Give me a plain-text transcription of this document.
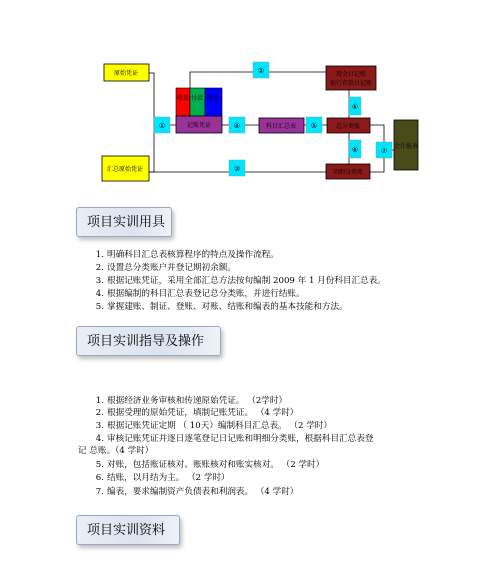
原始凭证
汇总原始凭证
收款 付款 转账
记账凭证	科目汇总表
现金日记账
银行存款日记账
总分类账
明细分类账
会计报表
①
②
③
④	⑤
⑥
⑦
⑥
项目实训用具
1. 明确科目汇总表核算程序的特点及操作流程。
2. 设置总分类账户并登记期初余额。
3. 根据记账凭证，采用全部汇总方法按旬编制 2009 年 1 月份科目汇总表。
4. 根据编制的科目汇总表登记总分类账，并进行结账。
5. 掌握建账、制证、登账、对账、结账和编表的基本技能和方法。
项目实训指导及操作
1. 根据经济业务审核和传递原始凭证。 （2学时）
2. 根据受理的原始凭证，填制记账凭证。 （4 学时）
3. 根据记账凭证定期 （ 10天）编制科目汇总表。 （2 学时）
4. 审核记账凭证并逐日逐笔登记日记账和明细分类账，根据科目汇总表登
记 总账。（4 学时）
5. 对账，包括账证核对、账账核对和账实核对。 （2 学时）
6. 结账，以月结为主。 （2 学时）
7. 编表，要求编制资产负债表和利润表。 （4 学时）
项目实训资料
